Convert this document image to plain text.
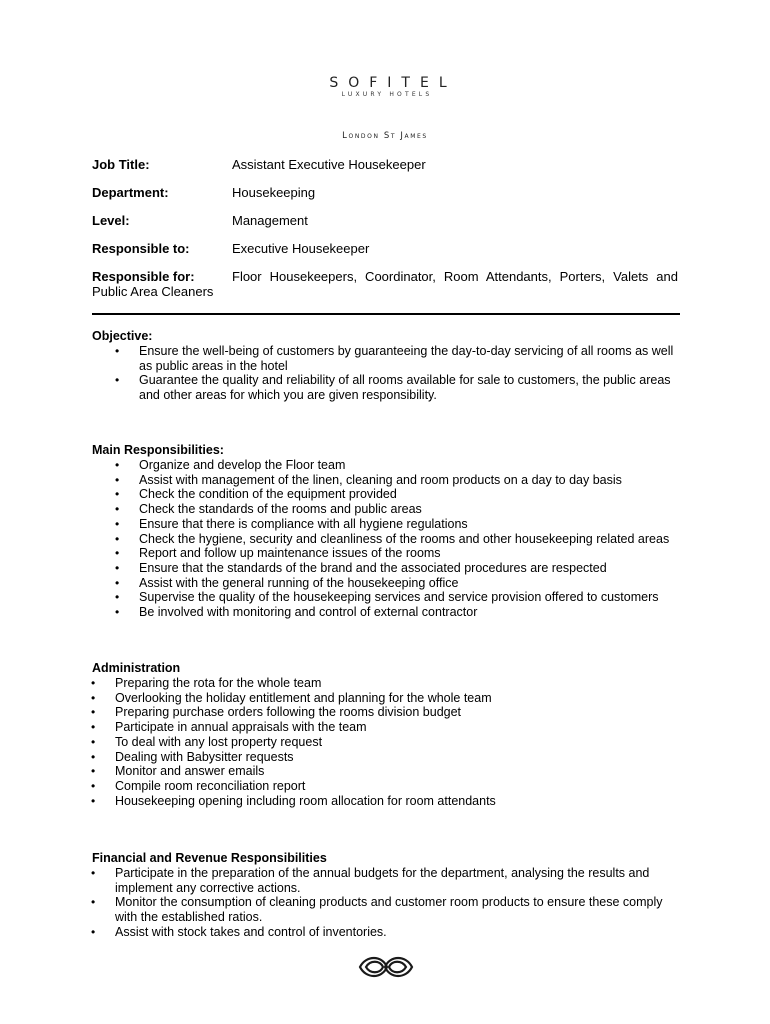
SOFITEL
LUXURY HOTELS
London St James
Job Title:	Assistant Executive Housekeeper
Department:	Housekeeping
Level:	Management
Responsible to:	Executive Housekeeper
Responsible for:	Floor Housekeepers, Coordinator, Room Attendants, Porters, Valets and
Public Area Cleaners
Objective:
• Ensure the well-being of customers by guaranteeing the day-to-day servicing of all rooms as well as public areas in the hotel
• Guarantee the quality and reliability of all rooms available for sale to customers, the public areas and other areas for which you are given responsibility.
Main Responsibilities:
• Organize and develop the Floor team
• Assist with management of the linen, cleaning and room products on a day to day basis
• Check the condition of the equipment provided
• Check the standards of the rooms and public areas
• Ensure that there is compliance with all hygiene regulations
• Check the hygiene, security and cleanliness of the rooms and other housekeeping related areas
• Report and follow up maintenance issues of the rooms
• Ensure that the standards of the brand and the associated procedures are respected
• Assist with the general running of the housekeeping office
• Supervise the quality of the housekeeping services and service provision offered to customers
• Be involved with monitoring and control of external contractor
Administration
• Preparing the rota for the whole team
• Overlooking the holiday entitlement and planning for the whole team
• Preparing purchase orders following the rooms division budget
• Participate in annual appraisals with the team
• To deal with any lost property request
• Dealing with Babysitter requests
• Monitor and answer emails
• Compile room reconciliation report
• Housekeeping opening including room allocation for room attendants
Financial and Revenue Responsibilities
• Participate in the preparation of the annual budgets for the department, analysing the results and implement any corrective actions.
• Monitor the consumption of cleaning products and customer room products to ensure these comply with the established ratios.
• Assist with stock takes and control of inventories.
